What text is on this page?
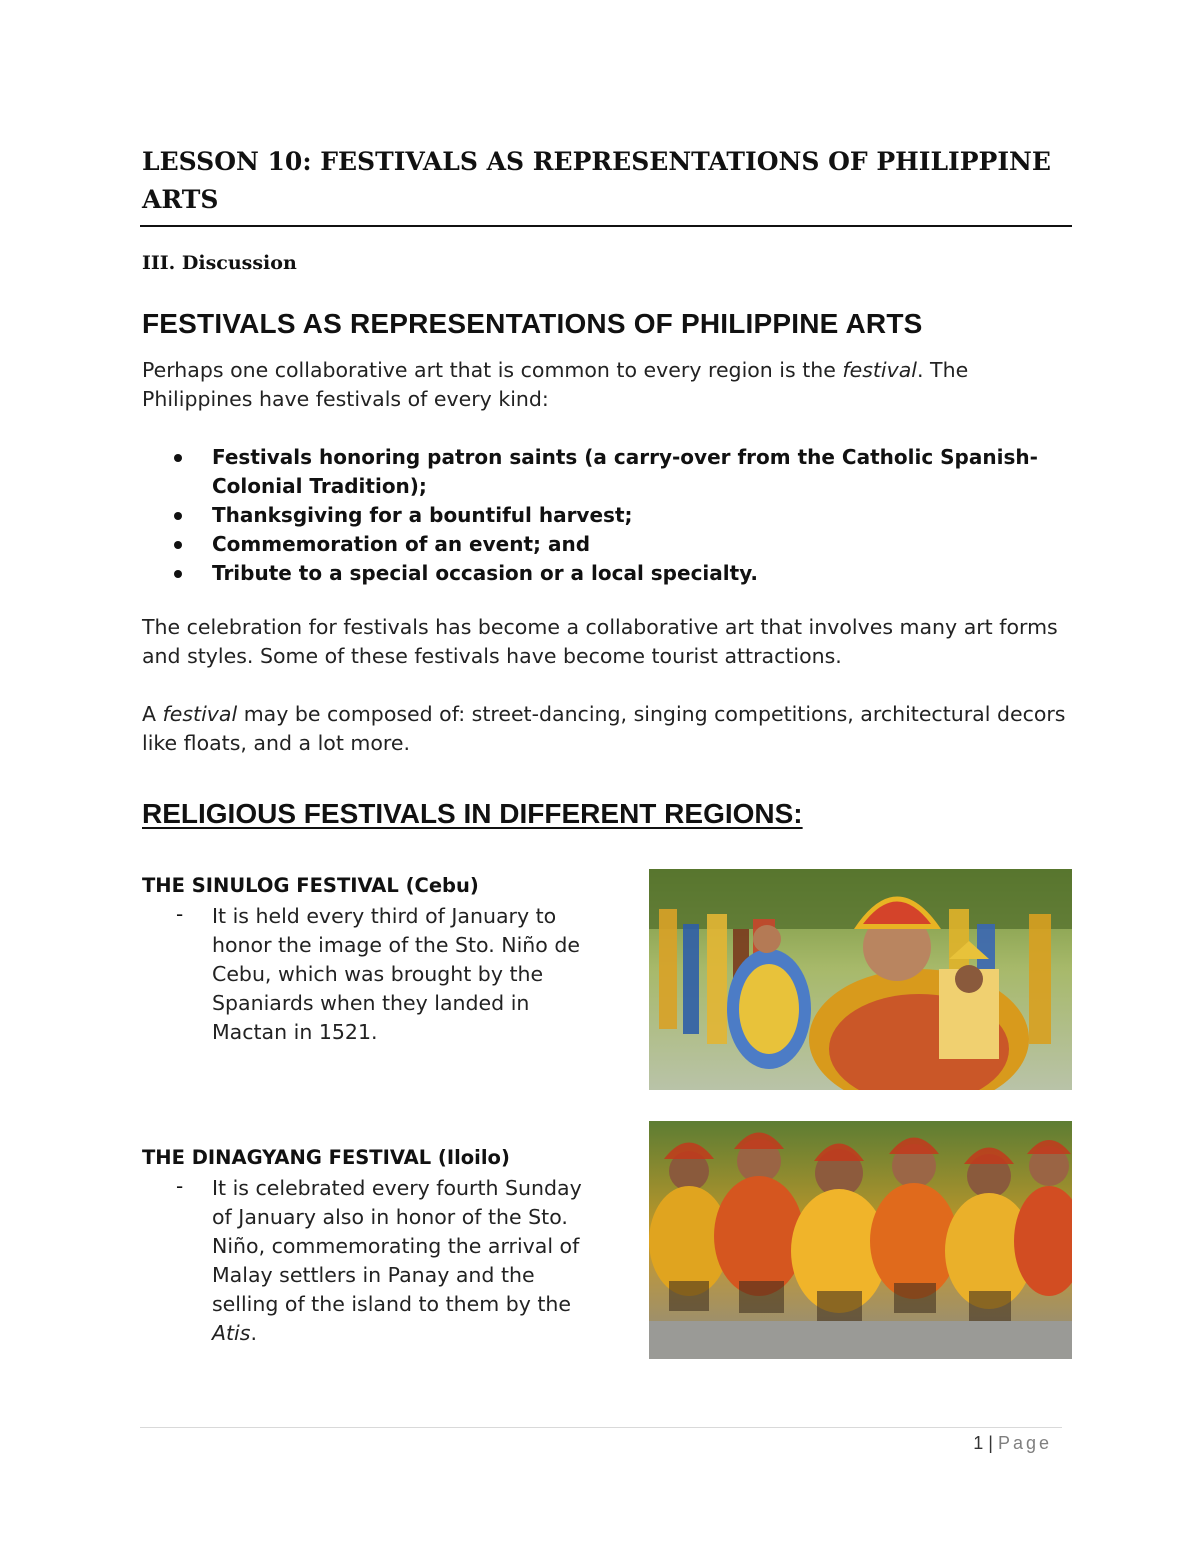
LESSON 10: FESTIVALS AS REPRESENTATIONS OF PHILIPPINE ARTS
III. Discussion
FESTIVALS AS REPRESENTATIONS OF PHILIPPINE ARTS

Perhaps one collaborative art that is common to every region is the festival. The Philippines have festivals of every kind:

Festivals honoring patron saints (a carry-over from the Catholic Spanish-Colonial Tradition);
Thanksgiving for a bountiful harvest;
Commemoration of an event; and
Tribute to a special occasion or a local specialty.

The celebration for festivals has become a collaborative art that involves many art forms and styles. Some of these festivals have become tourist attractions.

A festival may be composed of: street-dancing, singing competitions, architectural decors like floats, and a lot more.

RELIGIOUS FESTIVALS IN DIFFERENT REGIONS:
THE SINULOG FESTIVAL (Cebu)
- It is held every third of January to honor the image of the Sto. Niño de Cebu, which was brought by the Spaniards when they landed in Mactan in 1521.

THE DINAGYANG FESTIVAL (Iloilo)
- It is celebrated every fourth Sunday of January also in honor of the Sto. Niño, commemorating the arrival of Malay settlers in Panay and the selling of the island to them by the Atis.

1 | Page
